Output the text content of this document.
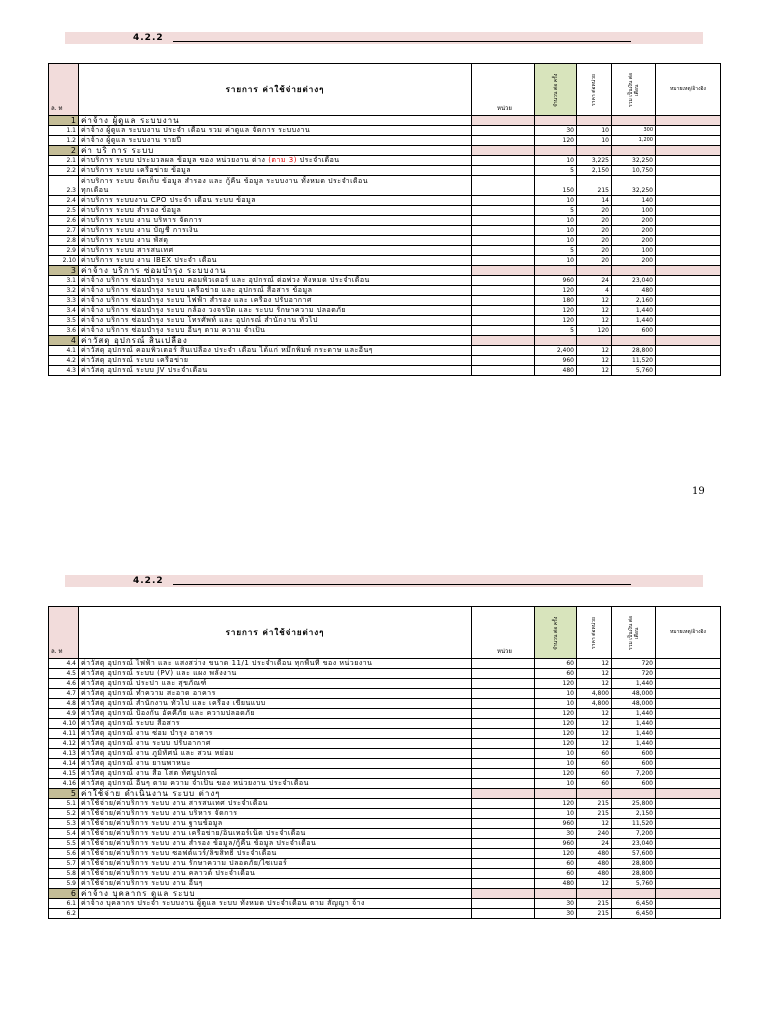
4.2.2
ล. ท	รายการ ค่าใช้จ่ายต่างๆ	หน่วย	จำนวน ต่อ ครั้ง	ราคา ต่อหน่วย	รวม เป็นเงิน ต่อ เดือน	หมายเหตุ/อ้างอิง
1	ค่าจ้าง ผู้ดูแล ระบบงาน					
1.1	ค่าจ้าง ผู้ดูแล ระบบงาน ประจำ เดือน รวม ค่าดูแล จัดการ ระบบงาน		30	10	300	
1.2	ค่าจ้าง ผู้ดูแล ระบบงาน รายปี		120	10	1,200	
2	ค่า บริ การ ระบบ					
2.1	ค่าบริการ ระบบ ประมวลผล ข้อมูล ของ หน่วยงาน ต่าง (ตาม 3) ประจำเดือน		10	3,225	32,250	
2.2	ค่าบริการ ระบบ เครือข่าย ข้อมูล		5	2,150	10,750	
2.3	ค่าบริการ ระบบ จัดเก็บ ข้อมูล สำรอง และ กู้คืน ข้อมูล ระบบงาน ทั้งหมด ประจำเดือน
ทุกเดือน		150	215	32,250	
2.4	ค่าบริการ ระบบงาน CPO ประจำ เดือน ระบบ ข้อมูล		10	14	140	
2.5	ค่าบริการ ระบบ สำรอง ข้อมูล		5	20	100	
2.6	ค่าบริการ ระบบ งาน บริหาร จัดการ		10	20	200	
2.7	ค่าบริการ ระบบ งาน บัญชี การเงิน		10	20	200	
2.8	ค่าบริการ ระบบ งาน พัสดุ		10	20	200	
2.9	ค่าบริการ ระบบ สารสนเทศ		5	20	100	
2.10	ค่าบริการ ระบบ งาน IBEX ประจำ เดือน		10	20	200	
3	ค่าจ้าง บริการ ซ่อมบำรุง ระบบงาน					
3.1	ค่าจ้าง บริการ ซ่อมบำรุง ระบบ คอมพิวเตอร์ และ อุปกรณ์ ต่อพ่วง ทั้งหมด ประจำเดือน		960	24	23,040	
3.2	ค่าจ้าง บริการ ซ่อมบำรุง ระบบ เครือข่าย และ อุปกรณ์ สื่อสาร ข้อมูล		120	4	480	
3.3	ค่าจ้าง บริการ ซ่อมบำรุง ระบบ ไฟฟ้า สำรอง และ เครื่อง ปรับอากาศ		180	12	2,160	
3.4	ค่าจ้าง บริการ ซ่อมบำรุง ระบบ กล้อง วงจรปิด และ ระบบ รักษาความ ปลอดภัย		120	12	1,440	
3.5	ค่าจ้าง บริการ ซ่อมบำรุง ระบบ โทรศัพท์ และ อุปกรณ์ สำนักงาน ทั่วไป		120	12	1,440	
3.6	ค่าจ้าง บริการ ซ่อมบำรุง ระบบ อื่นๆ ตาม ความ จำเป็น		5	120	600	
4	ค่าวัสดุ อุปกรณ์ สิ้นเปลือง					
4.1	ค่าวัสดุ อุปกรณ์ คอมพิวเตอร์ สิ้นเปลือง ประจำ เดือน ได้แก่ หมึกพิมพ์ กระดาษ และอื่นๆ		2,400	12	28,800	
4.2	ค่าวัสดุ อุปกรณ์ ระบบ เครือข่าย		960	12	11,520	
4.3	ค่าวัสดุ อุปกรณ์ ระบบ JV ประจำเดือน		480	12	5,760	
19
4.2.2
ล. ท	รายการ ค่าใช้จ่ายต่างๆ	หน่วย	จำนวน ต่อ ครั้ง	ราคา ต่อหน่วย	รวม เป็นเงิน ต่อ เดือน	หมายเหตุ/อ้างอิง
4.4	ค่าวัสดุ อุปกรณ์ ไฟฟ้า และ แสงสว่าง ขนาด 11/1 ประจำเดือน ทุกพื้นที่ ของ หน่วยงาน		60	12	720	
4.5	ค่าวัสดุ อุปกรณ์ ระบบ (PV) และ แผง พลังงาน		60	12	720	
4.6	ค่าวัสดุ อุปกรณ์ ประปา และ สุขภัณฑ์		120	12	1,440	
4.7	ค่าวัสดุ อุปกรณ์ ทำความ สะอาด อาคาร		10	4,800	48,000	
4.8	ค่าวัสดุ อุปกรณ์ สำนักงาน ทั่วไป และ เครื่อง เขียนแบบ		10	4,800	48,000	
4.9	ค่าวัสดุ อุปกรณ์ ป้องกัน อัคคีภัย และ ความปลอดภัย		120	12	1,440	
4.10	ค่าวัสดุ อุปกรณ์ ระบบ สื่อสาร		120	12	1,440	
4.11	ค่าวัสดุ อุปกรณ์ งาน ซ่อม บำรุง อาคาร		120	12	1,440	
4.12	ค่าวัสดุ อุปกรณ์ งาน ระบบ ปรับอากาศ		120	12	1,440	
4.13	ค่าวัสดุ อุปกรณ์ งาน ภูมิทัศน์ และ สวน หย่อม		10	60	600	
4.14	ค่าวัสดุ อุปกรณ์ งาน ยานพาหนะ		10	60	600	
4.15	ค่าวัสดุ อุปกรณ์ งาน สื่อ โสต ทัศนูปกรณ์		120	60	7,200	
4.16	ค่าวัสดุ อุปกรณ์ อื่นๆ ตาม ความ จำเป็น ของ หน่วยงาน ประจำเดือน		10	60	600	
5	ค่าใช้จ่าย ดำเนินงาน ระบบ ต่างๆ					
5.1	ค่าใช้จ่าย/ค่าบริการ ระบบ งาน สารสนเทศ ประจำเดือน		120	215	25,800	
5.2	ค่าใช้จ่าย/ค่าบริการ ระบบ งาน บริหาร จัดการ		10	215	2,150	
5.3	ค่าใช้จ่าย/ค่าบริการ ระบบ งาน ฐานข้อมูล		960	12	11,520	
5.4	ค่าใช้จ่าย/ค่าบริการ ระบบ งาน เครือข่าย/อินเทอร์เน็ต ประจำเดือน		30	240	7,200	
5.5	ค่าใช้จ่าย/ค่าบริการ ระบบ งาน สำรอง ข้อมูล/กู้คืน ข้อมูล ประจำเดือน		960	24	23,040	
5.6	ค่าใช้จ่าย/ค่าบริการ ระบบ ซอฟต์แวร์/ลิขสิทธิ์ ประจำเดือน		120	480	57,600	
5.7	ค่าใช้จ่าย/ค่าบริการ ระบบ งาน รักษาความ ปลอดภัย/ไซเบอร์		60	480	28,800	
5.8	ค่าใช้จ่าย/ค่าบริการ ระบบ งาน คลาวด์ ประจำเดือน		60	480	28,800	
5.9	ค่าใช้จ่าย/ค่าบริการ ระบบ งาน อื่นๆ		480	12	5,760	
6	ค่าจ้าง บุคลากร ดูแล ระบบ					
6.1	ค่าจ้าง บุคลากร ประจำ ระบบงาน ผู้ดูแล ระบบ ทั้งหมด ประจำเดือน ตาม สัญญา จ้าง		30	215	6,450	
6.2			30	215	6,450	
